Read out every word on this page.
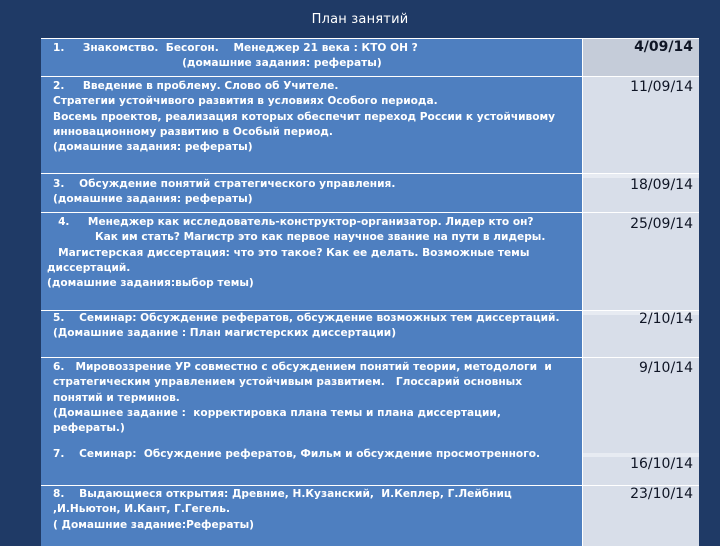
План занятий
1.     Знакомство.  Бесогон.    Менеджер 21 века : КТО ОН ?
(домашние задания: рефераты)
4/09/14
2.     Введение в проблему. Слово об Учителе.
Стратегии устойчивого развития в условиях Особого периода.
Восемь проектов, реализация которых обеспечит переход России к устойчивому
инновационному развитию в Особый период.
(домашние задания: рефераты)
11/09/14
3.    Обсуждение понятий стратегического управления.
(домашние задания: рефераты)
18/09/14
4.     Менеджер как исследователь-конструктор-организатор. Лидер кто он?
Как им стать? Магистр это как первое научное звание на пути в лидеры.
Магистерская диссертация: что это такое? Как ее делать. Возможные темы
диссертаций.
(домашние задания:выбор темы)
25/09/14
5.    Семинар: Обсуждение рефератов, обсуждение возможных тем диссертаций.
(Домашние задание : План магистерских диссертации)
2/10/14
6.   Мировоззрение УР совместно с обсуждением понятий теории, методологи  и
стратегическим управлением устойчивым развитием.   Глоссарий основных
понятий и терминов.
(Домашнее задание :  корректировка плана темы и плана диссертации,
рефераты.)
7.    Семинар:  Обсуждение рефератов, Фильм и обсуждение просмотренного.
9/10/14
16/10/14
8.    Выдающиеся открытия: Древние, Н.Кузанский,  И.Кеплер, Г.Лейбниц
,И.Ньютон, И.Кант, Г.Гегель.
( Домашние задание:Рефераты)
23/10/14
